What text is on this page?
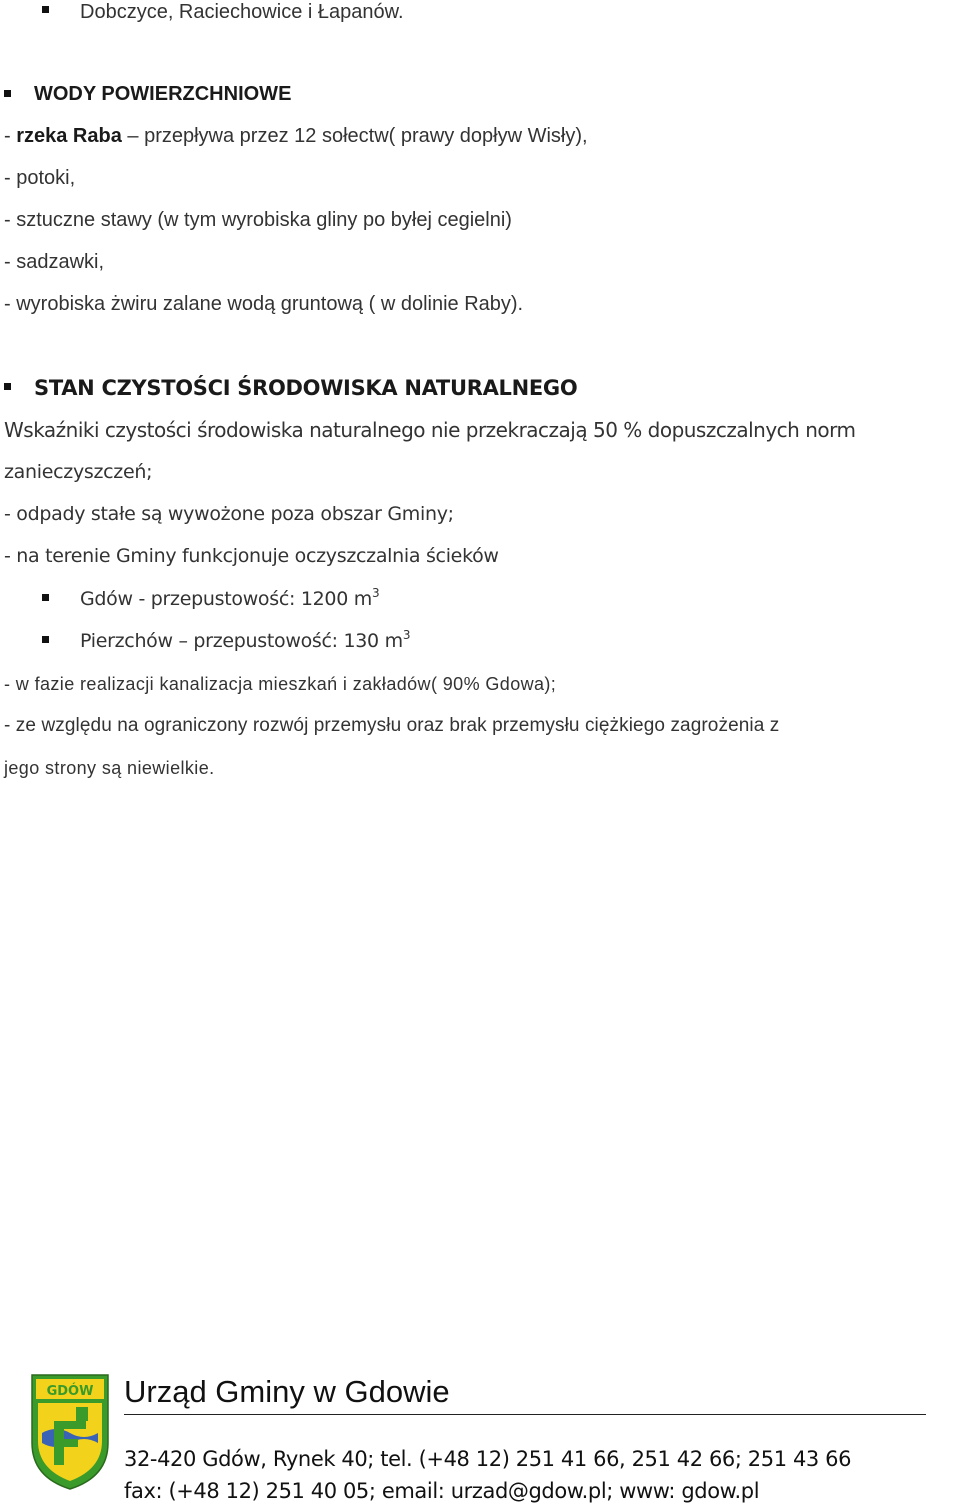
Dobczyce, Raciechowice i Łapanów.
WODY POWIERZCHNIOWE
- rzeka Raba – przepływa przez 12 sołectw( prawy dopływ Wisły),
- potoki,
- sztuczne stawy (w tym wyrobiska gliny po byłej cegielni)
- sadzawki,
- wyrobiska żwiru zalane wodą gruntową ( w dolinie Raby).
STAN CZYSTOŚCI ŚRODOWISKA NATURALNEGO
Wskaźniki czystości środowiska naturalnego nie przekraczają 50 % dopuszczalnych norm
zanieczyszczeń;
- odpady stałe są wywożone poza obszar Gminy;
- na terenie Gminy funkcjonuje oczyszczalnia ścieków
Gdów - przepustowość: 1200 $m^3$
Pierzchów – przepustowość: 130 $m^3$
- w fazie realizacji kanalizacja mieszkań i zakładów( 90% Gdowa);
- ze względu na ograniczony rozwój przemysłu oraz brak przemysłu ciężkiego zagrożenia z
jego strony są niewielkie.
GDÓW Urząd Gminy w Gdowie
32-420 Gdów, Rynek 40; tel. (+48 12) 251 41 66, 251 42 66; 251 43 66
fax: (+48 12) 251 40 05; email: urzad@gdow.pl; www: gdow.pl
